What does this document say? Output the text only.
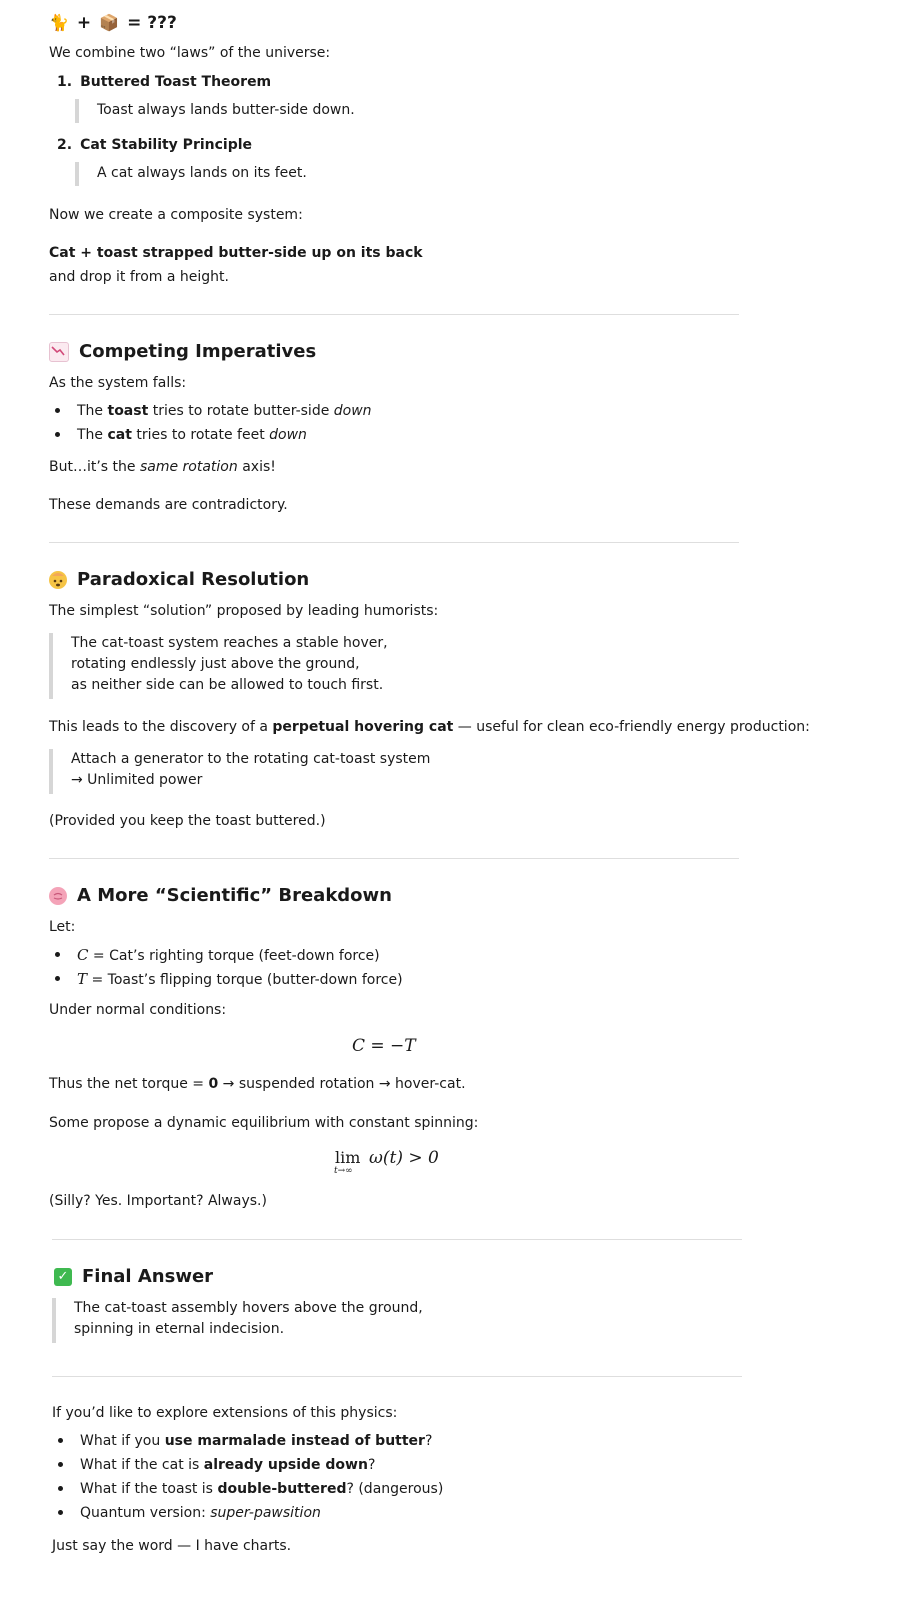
🐈 + 📦 = ???
We combine two “laws” of the universe:
1. Buttered Toast Theorem
Toast always lands butter-side down.
2. Cat Stability Principle
A cat always lands on its feet.
Now we create a composite system:
Cat + toast strapped butter-side up on its back
and drop it from a height.
Competing Imperatives
As the system falls:
The toast tries to rotate butter-side down
The cat tries to rotate feet down
But…it’s the same rotation axis!
These demands are contradictory.
Paradoxical Resolution
The simplest “solution” proposed by leading humorists:
The cat-toast system reaches a stable hover,
rotating endlessly just above the ground,
as neither side can be allowed to touch first.
This leads to the discovery of a perpetual hovering cat — useful for clean eco-friendly energy production:
Attach a generator to the rotating cat-toast system
→ Unlimited power
(Provided you keep the toast buttered.)
A More “Scientific” Breakdown
Let:
C = Cat’s righting torque (feet-down force)
T = Toast’s flipping torque (butter-down force)
Under normal conditions:
C = −T
Thus the net torque = 0 → suspended rotation → hover-cat.
Some propose a dynamic equilibrium with constant spinning:
lim
t→∞
ω(t) > 0
(Silly? Yes. Important? Always.)
✓ Final Answer
The cat-toast assembly hovers above the ground,
spinning in eternal indecision.
If you’d like to explore extensions of this physics:
What if you use marmalade instead of butter?
What if the cat is already upside down?
What if the toast is double-buttered? (dangerous)
Quantum version: super-pawsition
Just say the word — I have charts.
